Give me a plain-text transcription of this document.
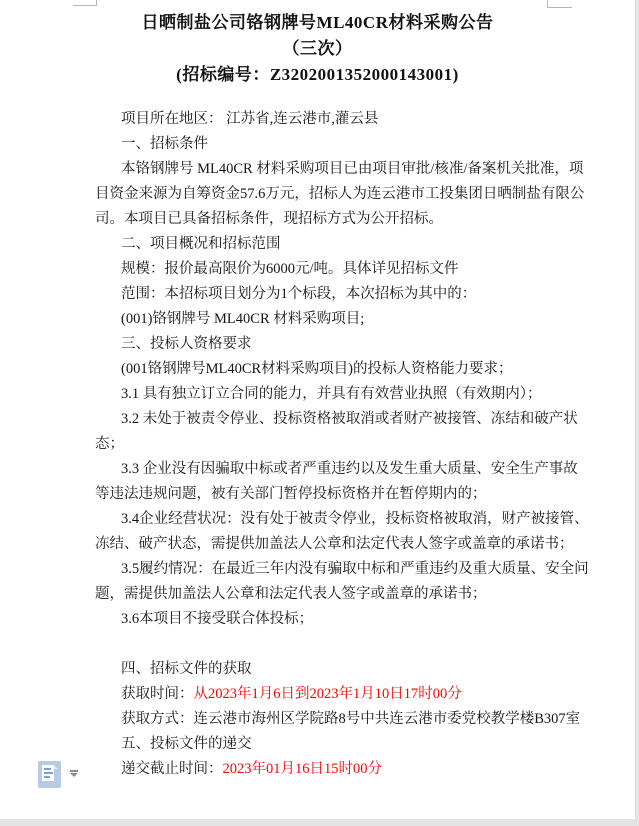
日晒制盐公司铬钢牌号ML40CR材料采购公告
（三次）
(招标编号：Z3202001352000143001)
项目所在地区： 江苏省,连云港市,灌云县
一、招标条件
本铬钢牌号 ML40CR 材料采购项目已由项目审批/核准/备案机关批准，项
目资金来源为自筹资金57.6万元，招标人为连云港市工投集团日晒制盐有限公
司。本项目已具备招标条件，现招标方式为公开招标。
二、项目概况和招标范围
规模：报价最高限价为6000元/吨。具体详见招标文件
范围：本招标项目划分为1个标段，本次招标为其中的：
(001)铬钢牌号 ML40CR 材料采购项目;
三、投标人资格要求
(001铬钢牌号ML40CR材料采购项目)的投标人资格能力要求；
3.1 具有独立订立合同的能力，并具有有效营业执照（有效期内）；
3.2 未处于被责令停业、投标资格被取消或者财产被接管、冻结和破产状
态；
3.3 企业没有因骗取中标或者严重违约以及发生重大质量、安全生产事故
等违法违规问题，被有关部门暂停投标资格并在暂停期内的；
3.4企业经营状况：没有处于被责令停业，投标资格被取消，财产被接管、
冻结、破产状态，需提供加盖法人公章和法定代表人签字或盖章的承诺书；
3.5履约情况：在最近三年内没有骗取中标和严重违约及重大质量、安全问
题，需提供加盖法人公章和法定代表人签字或盖章的承诺书；
3.6本项目不接受联合体投标；
四、招标文件的获取
获取时间：从2023年1月6日到2023年1月10日17时00分
获取方式：连云港市海州区学院路8号中共连云港市委党校教学楼B307室
五、投标文件的递交
递交截止时间：2023年01月16日15时00分
